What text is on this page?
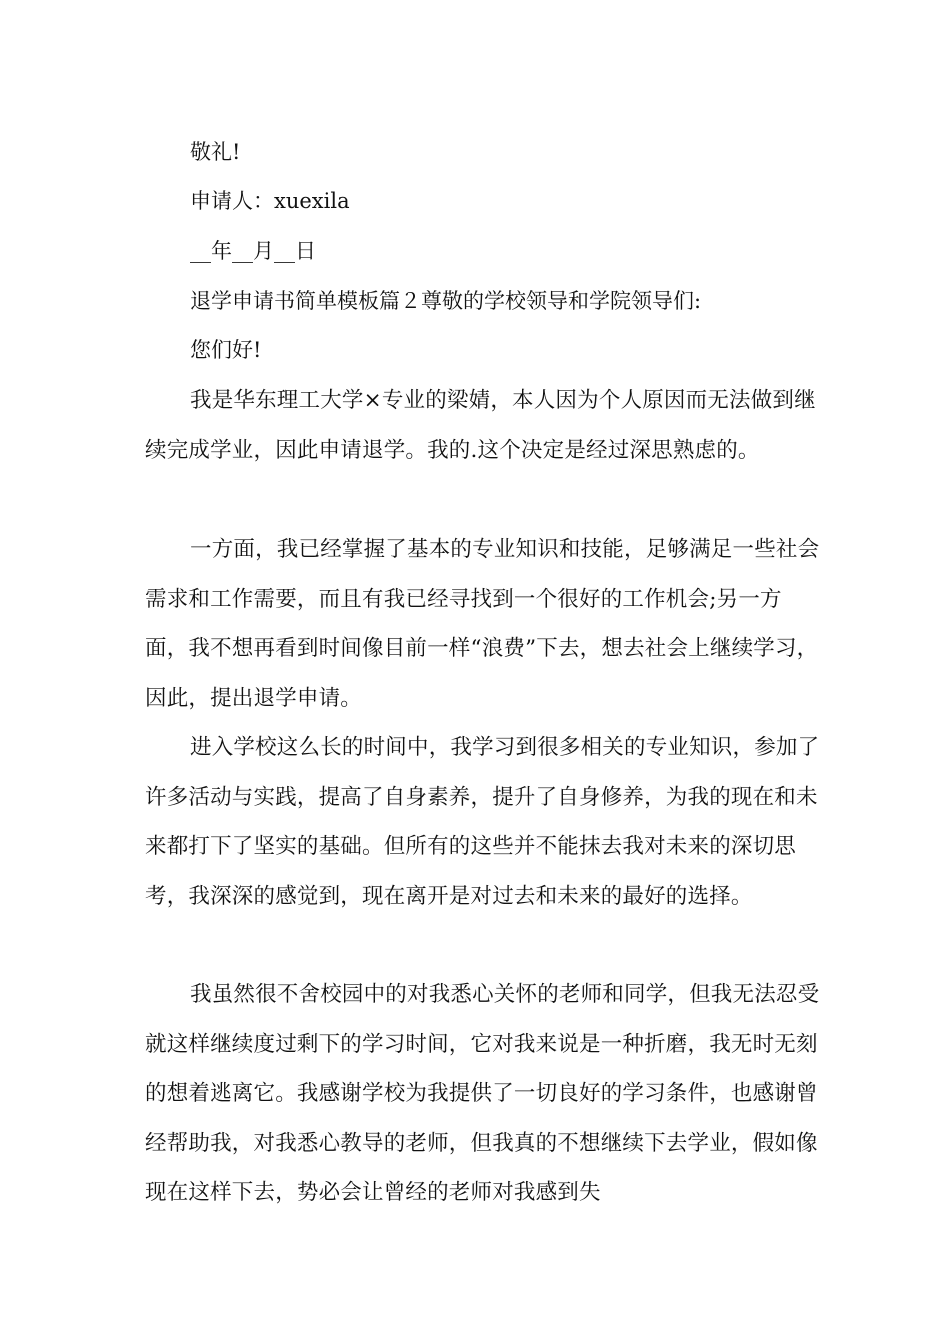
敬礼!
申请人：xuexila
__年__月__日
退学申请书简单模板篇２尊敬的学校领导和学院领导们:
您们好!

我是华东理工大学×专业的梁婧，本人因为个人原因而无法做到继续完成学业，因此申请退学。我的.这个决定是经过深思熟虑的。

一方面，我已经掌握了基本的专业知识和技能，足够满足一些社会需求和工作需要，而且有我已经寻找到一个很好的工作机会;另一方面，我不想再看到时间像目前一样“浪费”下去，想去社会上继续学习，因此，提出退学申请。

进入学校这么长的时间中，我学习到很多相关的专业知识，参加了许多活动与实践，提高了自身素养，提升了自身修养，为我的现在和未来都打下了坚实的基础。但所有的这些并不能抹去我对未来的深切思考，我深深的感觉到，现在离开是对过去和未来的最好的选择。

我虽然很不舍校园中的对我悉心关怀的老师和同学，但我无法忍受就这样继续度过剩下的学习时间，它对我来说是一种折磨，我无时无刻的想着逃离它。我感谢学校为我提供了一切良好的学习条件，也感谢曾经帮助我，对我悉心教导的老师，但我真的不想继续下去学业，假如像现在这样下去，势必会让曾经的老师对我感到失
